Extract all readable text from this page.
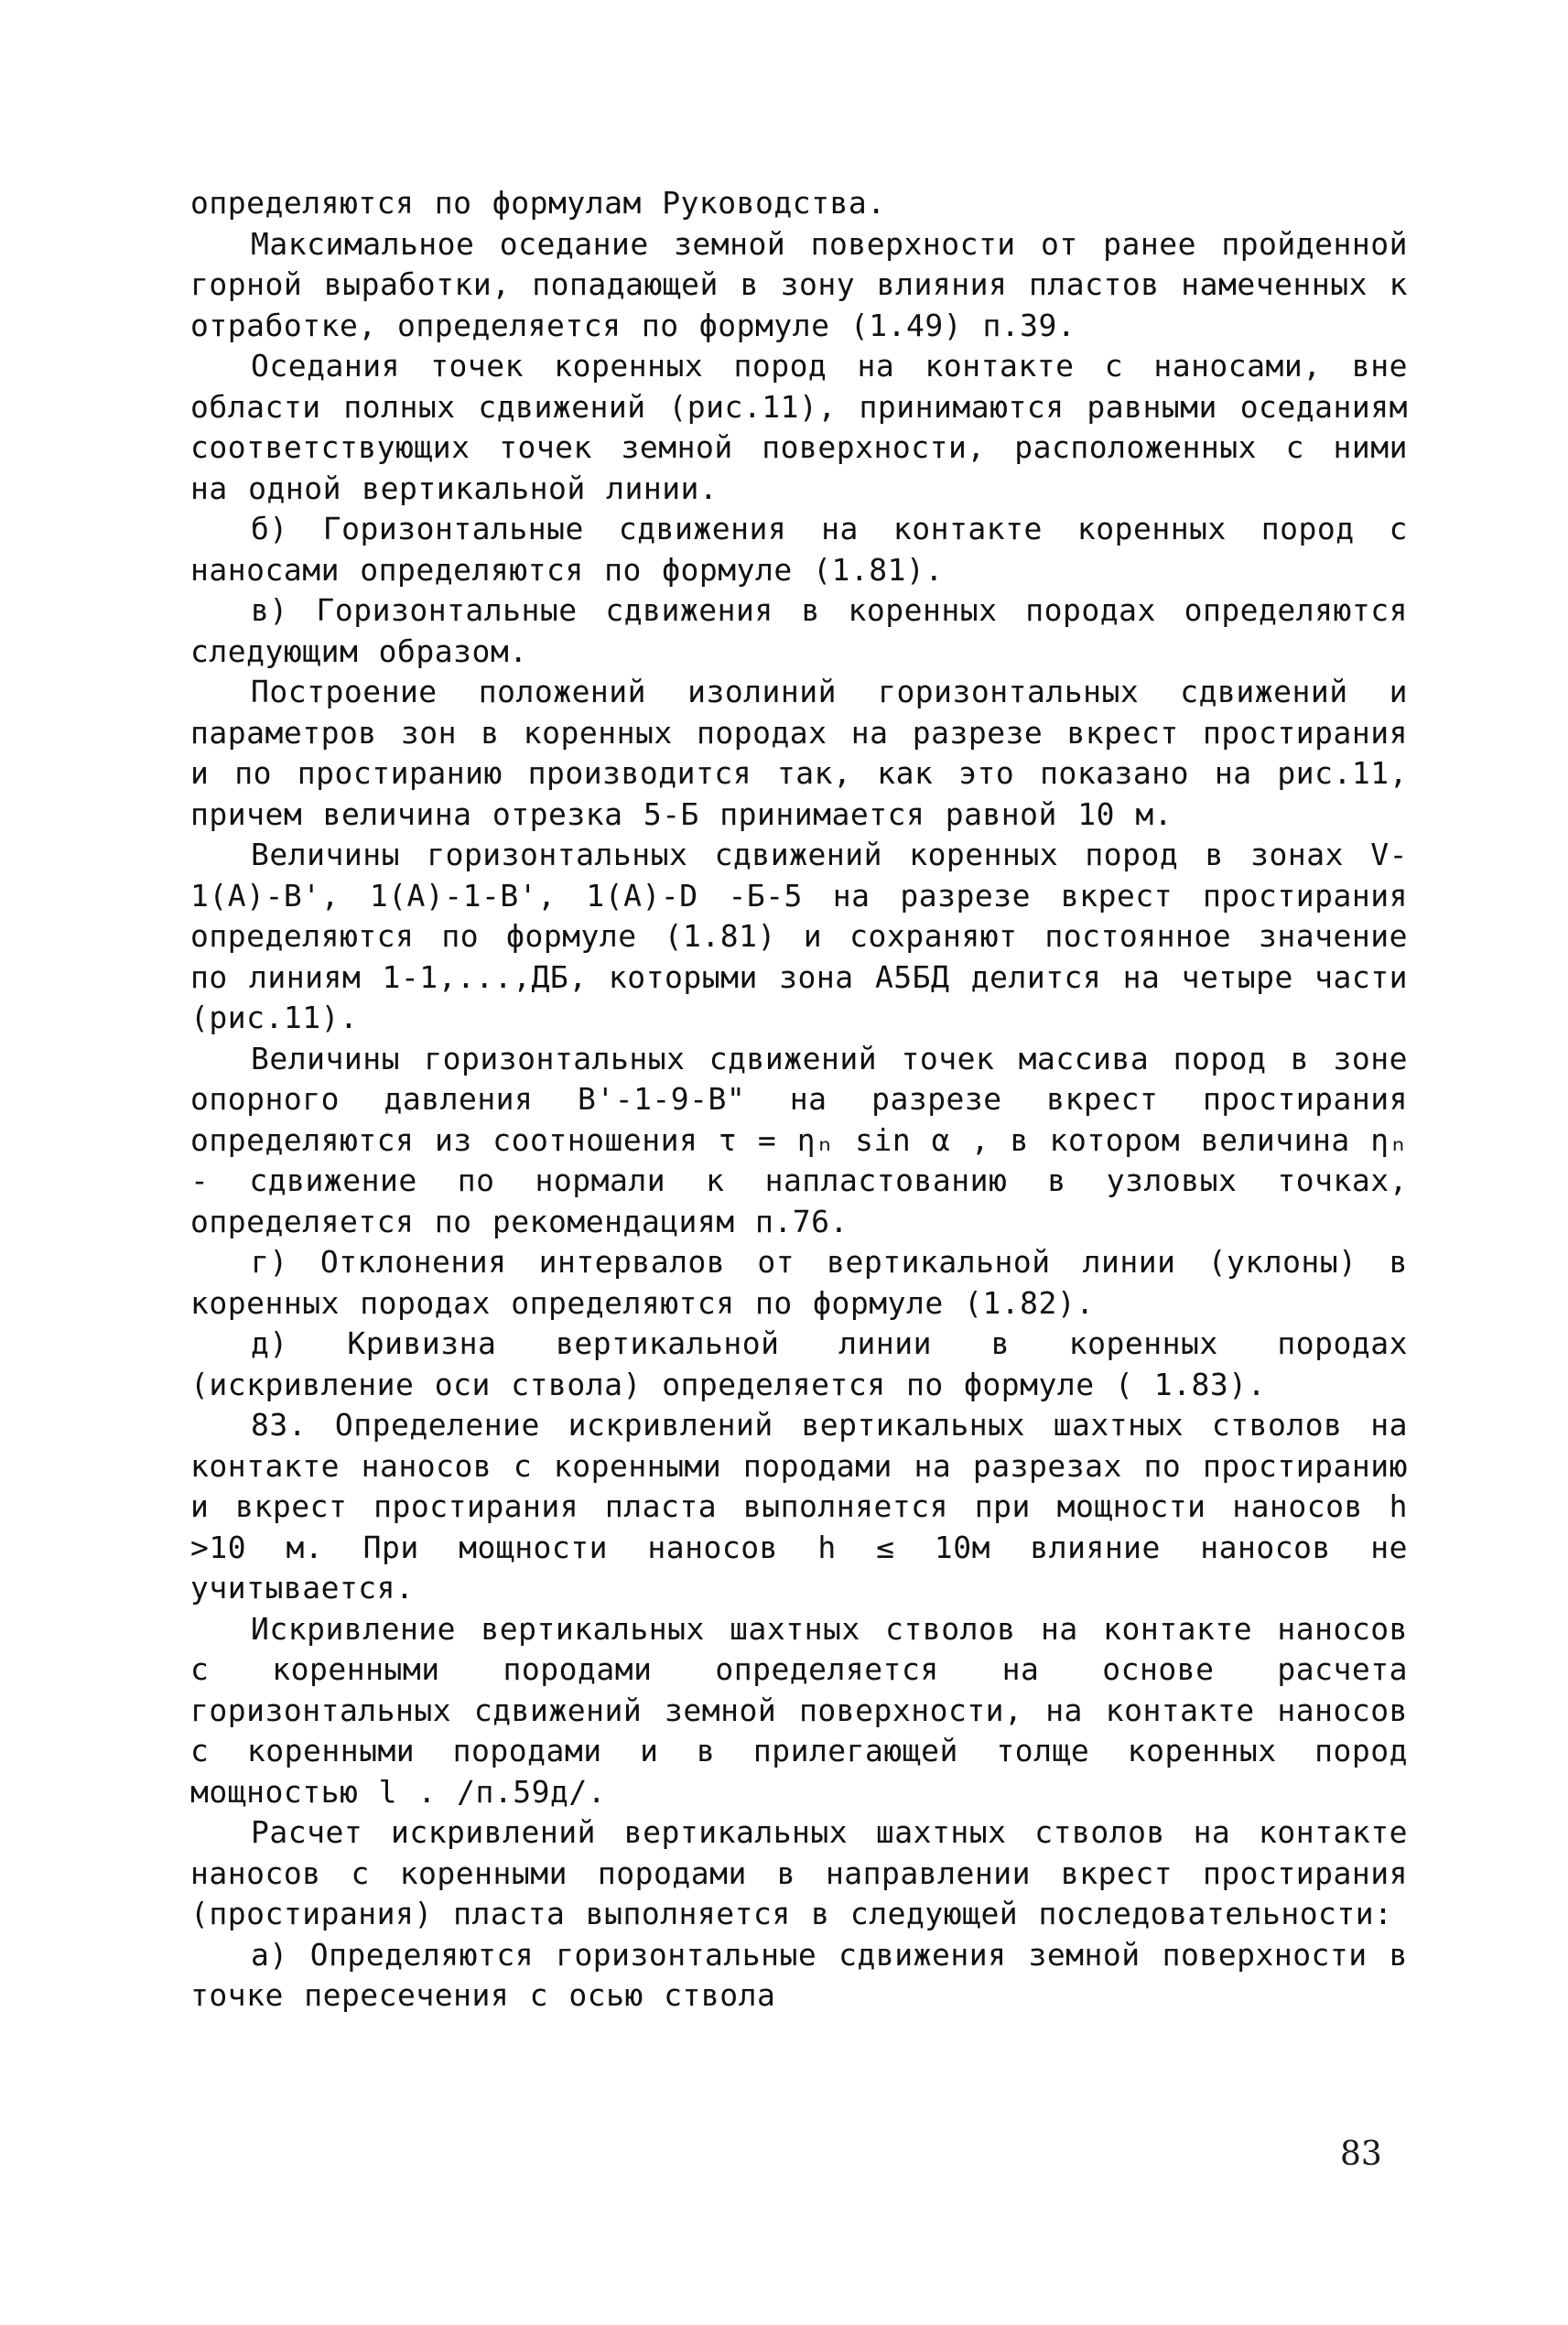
определяются по формулам Руководства.

Максимальное оседание земной поверхности от ранее пройденной горной выработки, попадающей в зону влияния пластов намеченных к отработке, определяется по формуле (1.49) п.39.

Оседания точек коренных пород на контакте с наносами, вне области полных сдвижений (рис.11), принимаются равными оседаниям соответствующих точек земной поверхности, расположенных с ними на одной вертикальной линии.

б) Горизонтальные сдвижения на контакте коренных пород с наносами определяются по формуле (1.81).

в) Горизонтальные сдвижения в коренных породах определяются следующим образом.

Построение положений изолиний горизонтальных сдвижений и параметров зон в коренных породах на разрезе вкрест простирания и по простиранию производится так, как это показано на рис.11, причем величина отрезка 5-Б принимается равной 10 м.

Величины горизонтальных сдвижений коренных пород в зонах V-1(A)-B', 1(A)-1-B', 1(A)-D -Б-5 на разрезе вкрест простирания определяются по формуле (1.81) и сохраняют постоянное значение по линиям 1-1,...,ДБ, которыми зона А5БД делится на четыре части (рис.11).

Величины горизонтальных сдвижений точек массива пород в зоне опорного давления B'-1-9-B" на разрезе вкрест простирания определяются из соотношения τ = ηₙ sin α , в котором величина ηₙ - сдвижение по нормали к напластованию в узловых точках, определяется по рекомендациям п.76.

г) Отклонения интервалов от вертикальной линии (уклоны) в коренных породах определяются по формуле (1.82).

д) Кривизна вертикальной линии в коренных породах (искривление оси ствола) определяется по формуле ( 1.83).

83. Определение искривлений вертикальных шахтных стволов на контакте наносов с коренными породами на разрезах по простиранию и вкрест простирания пласта выполняется при мощности наносов h >10 м. При мощности наносов h ≤ 10м влияние наносов не учитывается.

Искривление вертикальных шахтных стволов на контакте наносов с коренными породами определяется на основе расчета горизонтальных сдвижений земной поверхности, на контакте наносов с коренными породами и в прилегающей толще коренных пород мощностью l . /п.59д/.

Расчет искривлений вертикальных шахтных стволов на контакте наносов с коренными породами в направлении вкрест простирания (простирания) пласта выполняется в следующей последовательности:

а) Определяются горизонтальные сдвижения земной поверхности в точке пересечения с осью ствола

83
